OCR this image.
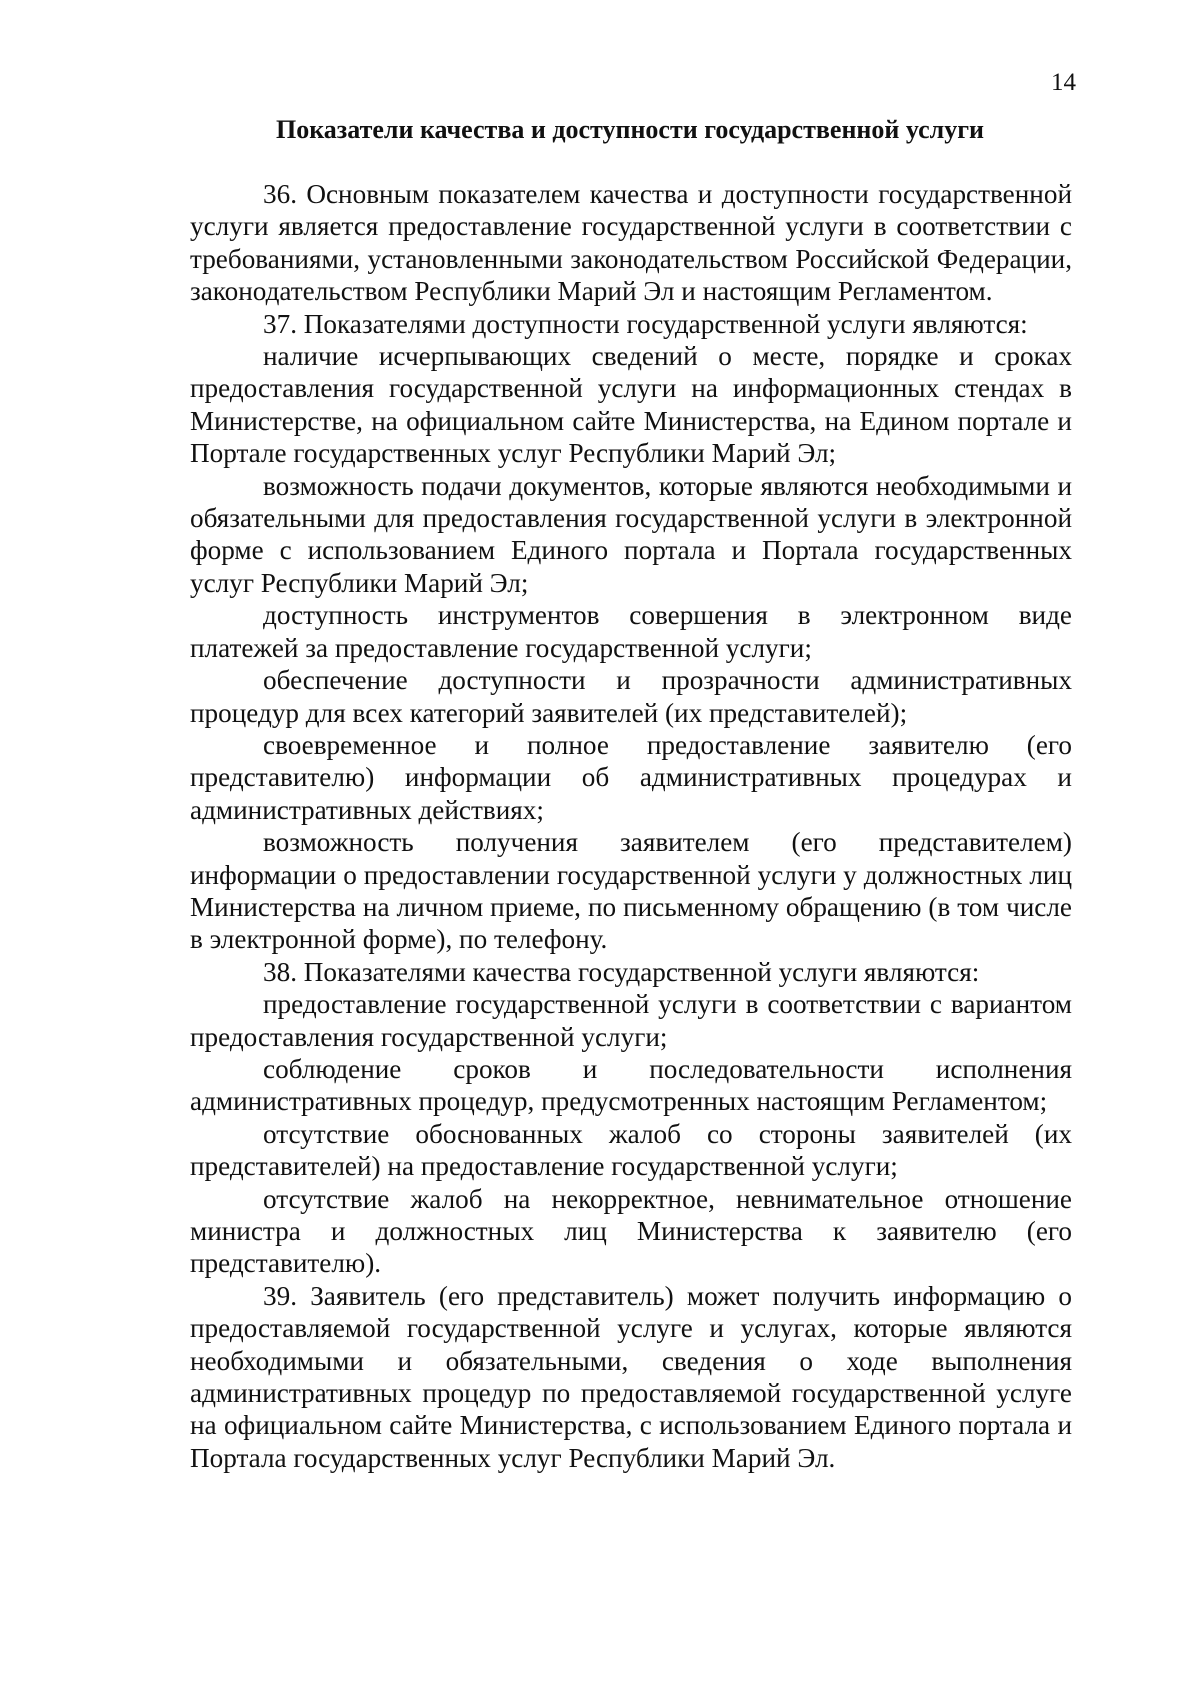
14
Показатели качества и доступности государственной услуги

36. Основным показателем качества и доступности государственной услуги является предоставление государственной услуги в соответствии с требованиями, установленными законодательством Российской Федерации, законодательством Республики Марий Эл и настоящим Регламентом.

37. Показателями доступности государственной услуги являются:

наличие исчерпывающих сведений о месте, порядке и сроках предоставления государственной услуги на информационных стендах в Министерстве, на официальном сайте Министерства, на Едином портале и Портале государственных услуг Республики Марий Эл;

возможность подачи документов, которые являются необходимыми и обязательными для предоставления государственной услуги в электронной форме с использованием Единого портала и Портала государственных услуг Республики Марий Эл;

доступность инструментов совершения в электронном виде платежей за предоставление государственной услуги;

обеспечение доступности и прозрачности административных процедур для всех категорий заявителей (их представителей);

своевременное и полное предоставление заявителю (его представителю) информации об административных процедурах и административных действиях;

возможность получения заявителем (его представителем) информации о предоставлении государственной услуги у должностных лиц Министерства на личном приеме, по письменному обращению (в том числе в электронной форме), по телефону.

38. Показателями качества государственной услуги являются:

предоставление государственной услуги в соответствии с вариантом предоставления государственной услуги;

соблюдение сроков и последовательности исполнения административных процедур, предусмотренных настоящим Регламентом;

отсутствие обоснованных жалоб со стороны заявителей (их представителей) на предоставление государственной услуги;

отсутствие жалоб на некорректное, невнимательное отношение министра и должностных лиц Министерства к заявителю (его представителю).

39. Заявитель (его представитель) может получить информацию о предоставляемой государственной услуге и услугах, которые являются необходимыми и обязательными, сведения о ходе выполнения административных процедур по предоставляемой государственной услуге на официальном сайте Министерства, с использованием Единого портала и Портала государственных услуг Республики Марий Эл.
